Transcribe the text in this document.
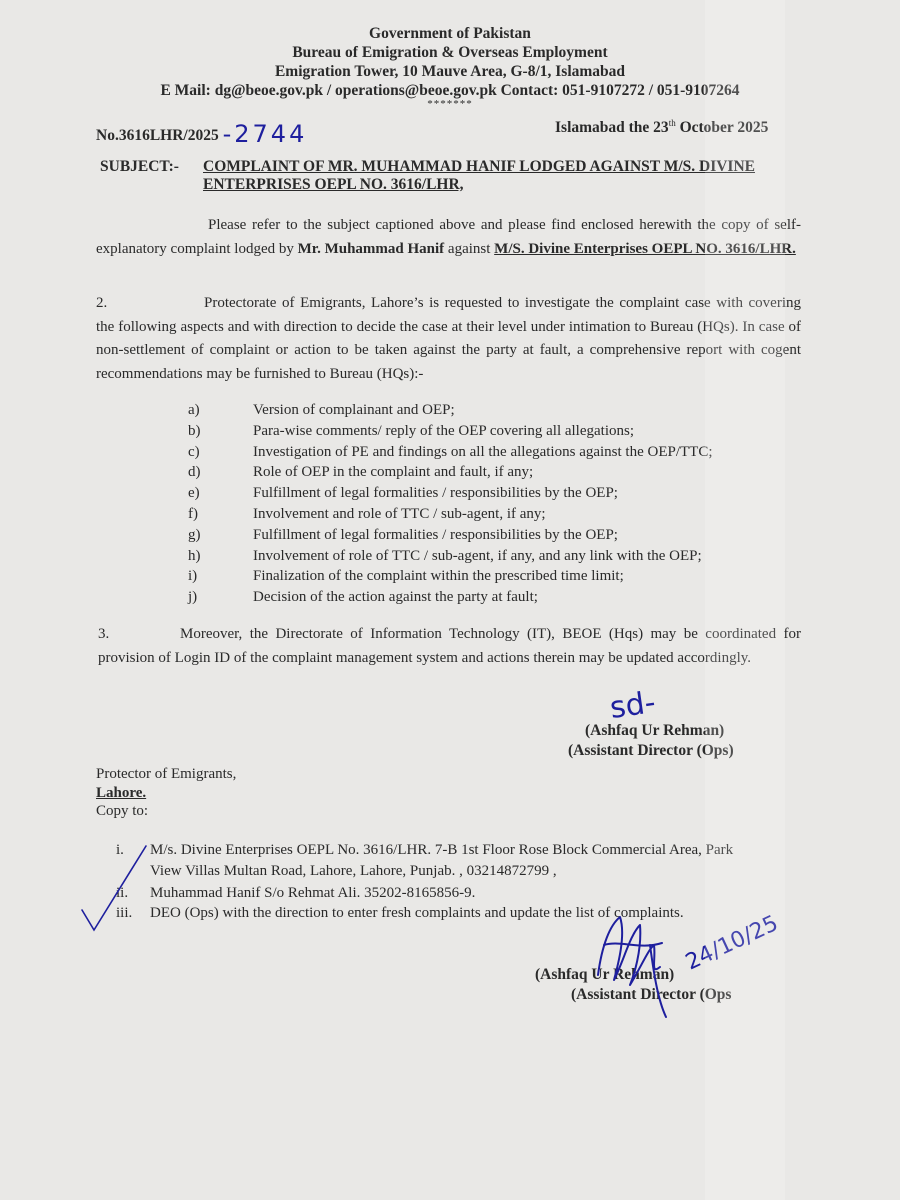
Government of Pakistan
Bureau of Emigration & Overseas Employment
Emigration Tower, 10 Mauve Area, G-8/1, Islamabad
E Mail: dg@beoe.gov.pk / operations@beoe.gov.pk Contact: 051-9107272 / 051-9107264
*******
No.3616LHR/2025 -2744	Islamabad the 23th October 2025
SUBJECT:- COMPLAINT OF MR. MUHAMMAD HANIF LODGED AGAINST M/S. DIVINE
ENTERPRISES OEPL NO. 3616/LHR,
Please refer to the subject captioned above and please find enclosed herewith the copy of self-explanatory complaint lodged by Mr. Muhammad Hanif against M/S. Divine Enterprises OEPL NO. 3616/LHR.
2.	Protectorate of Emigrants, Lahore’s is requested to investigate the complaint case with covering the following aspects and with direction to decide the case at their level under intimation to Bureau (HQs). In case of non-settlement of complaint or action to be taken against the party at fault, a comprehensive report with cogent recommendations may be furnished to Bureau (HQs):-
a)	Version of complainant and OEP;
b)	Para-wise comments/ reply of the OEP covering all allegations;
c)	Investigation of PE and findings on all the allegations against the OEP/TTC;
d)	Role of OEP in the complaint and fault, if any;
e)	Fulfillment of legal formalities / responsibilities by the OEP;
f)	Involvement and role of TTC / sub-agent, if any;
g)	Fulfillment of legal formalities / responsibilities by the OEP;
h)	Involvement of role of TTC / sub-agent, if any, and any link with the OEP;
i)	Finalization of the complaint within the prescribed time limit;
j)	Decision of the action against the party at fault;
3.	Moreover, the Directorate of Information Technology (IT), BEOE (Hqs) may be coordinated for provision of Login ID of the complaint management system and actions therein may be updated accordingly.
sd-
(Ashfaq Ur Rehman)
(Assistant Director (Ops)
Protector of Emigrants,
Lahore.
Copy to:
i. M/s. Divine Enterprises OEPL No. 3616/LHR. 7-B 1st Floor Rose Block Commercial Area, Park
View Villas Multan Road, Lahore, Lahore, Punjab. , 03214872799 ,
ii. Muhammad Hanif S/o Rehmat Ali. 35202-8165856-9.
iii. DEO (Ops) with the direction to enter fresh complaints and update the list of complaints.
(Ashfaq Ur Rehman)
(Assistant Director (Ops
24/10/25
